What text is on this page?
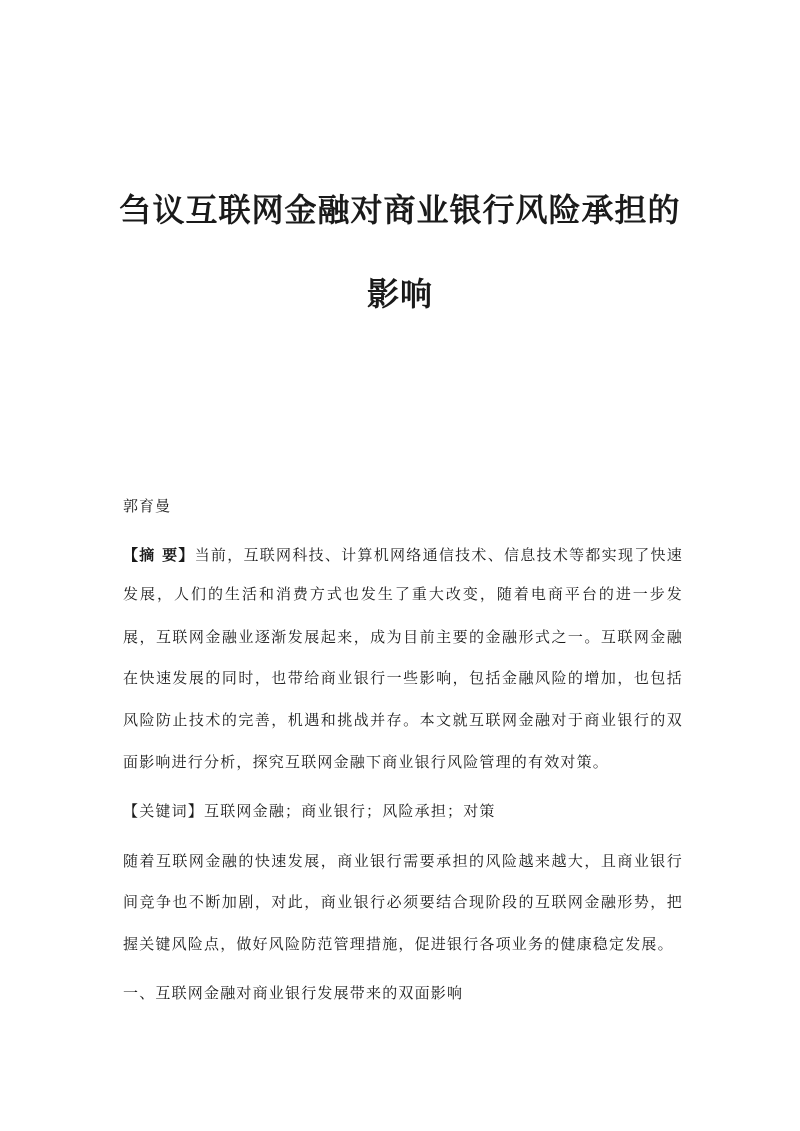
刍议互联网金融对商业银行风险承担的
影响
郭育曼
【摘 要】当前，互联网科技、计算机网络通信技术、信息技术等都实现了快速
发展，人们的生活和消费方式也发生了重大改变，随着电商平台的进一步发
展，互联网金融业逐渐发展起来，成为目前主要的金融形式之一。互联网金融
在快速发展的同时，也带给商业银行一些影响，包括金融风险的增加，也包括
风险防止技术的完善，机遇和挑战并存。本文就互联网金融对于商业银行的双
面影响进行分析，探究互联网金融下商业银行风险管理的有效对策。
【关键词】互联网金融；商业银行；风险承担；对策
随着互联网金融的快速发展，商业银行需要承担的风险越来越大，且商业银行
间竞争也不断加剧，对此，商业银行必须要结合现阶段的互联网金融形势，把
握关键风险点，做好风险防范管理措施，促进银行各项业务的健康稳定发展。
一、互联网金融对商业银行发展带来的双面影响
